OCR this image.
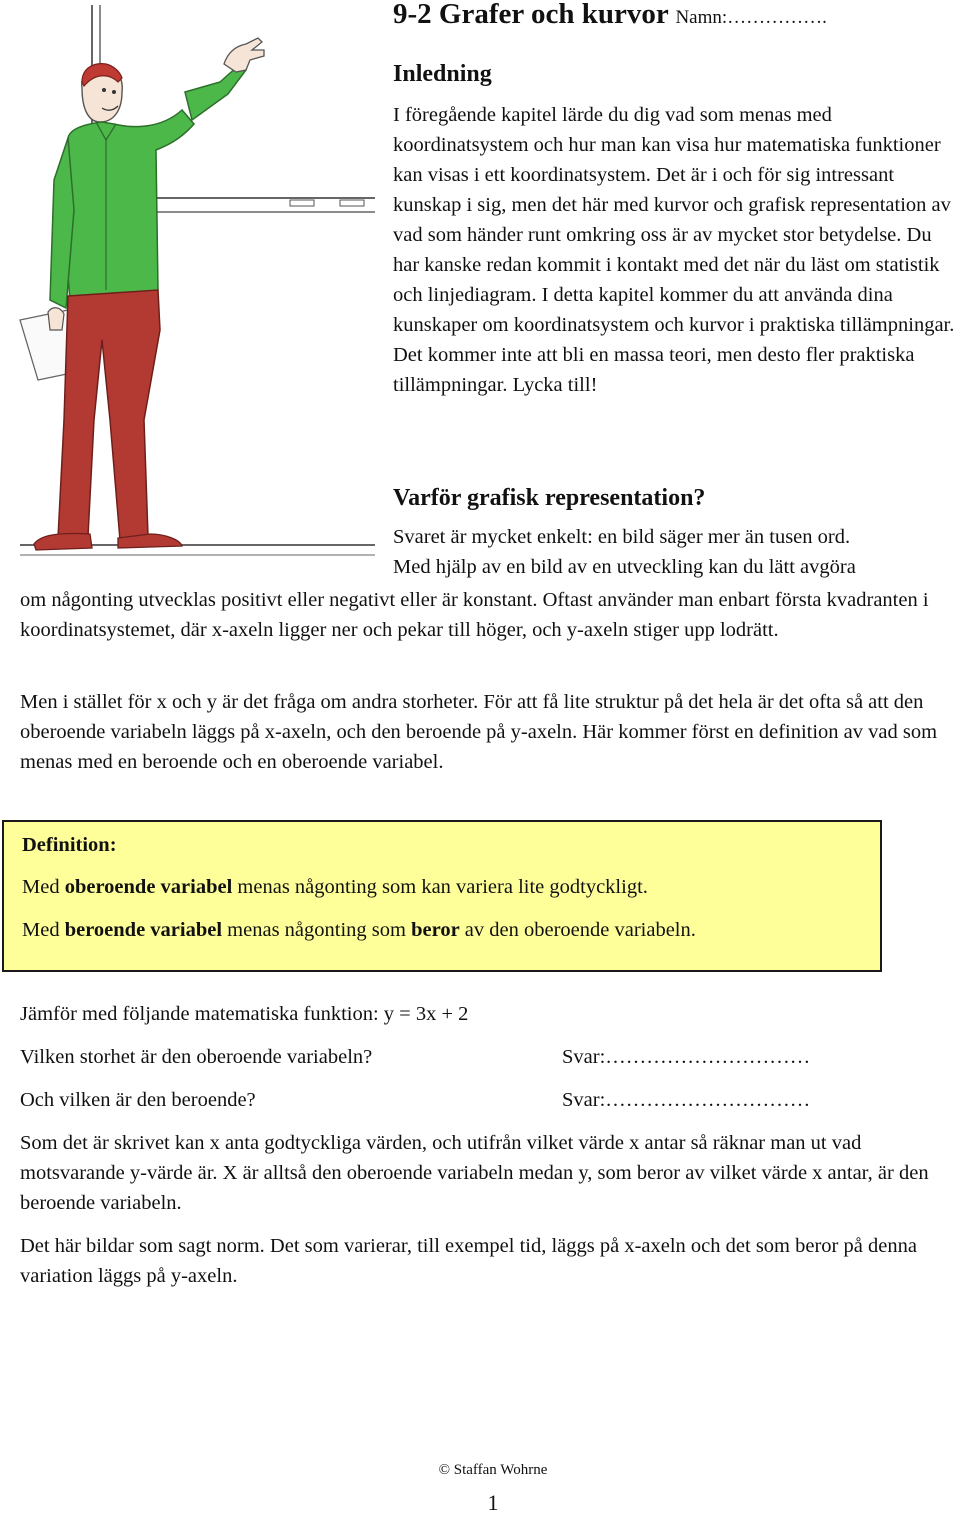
9-2 Grafer och kurvor Namn:…………….
Inledning

I föregående kapitel lärde du dig vad som menas med koordinatsystem och hur man kan visa hur matematiska funktioner kan visas i ett koordinatsystem. Det är i och för sig intressant kunskap i sig, men det här med kurvor och grafisk representation av vad som händer runt omkring oss är av mycket stor betydelse. Du har kanske redan kommit i kontakt med det när du läst om statistik och linjediagram. I detta kapitel kommer du att använda dina kunskaper om koordinatsystem och kurvor i praktiska tillämpningar. Det kommer inte att bli en massa teori, men desto fler praktiska tillämpningar. Lycka till!

Varför grafisk representation?

Svaret är mycket enkelt: en bild säger mer än tusen ord.

Med hjälp av en bild av en utveckling kan du lätt avgöra

om någonting utvecklas positivt eller negativt eller är konstant. Oftast använder man enbart första kvadranten i koordinatsystemet, där x-axeln ligger ner och pekar till höger, och y-axeln stiger upp lodrätt.

Men i stället för x och y är det fråga om andra storheter. För att få lite struktur på det hela är det ofta så att den oberoende variabeln läggs på x-axeln, och den beroende på y-axeln. Här kommer först en definition av vad som menas med en beroende och en oberoende variabel.

Definition:
Med oberoende variabel menas någonting som kan variera lite godtyckligt.
Med beroende variabel menas någonting som beror av den oberoende variabeln.

Jämför med följande matematiska funktion: y = 3x + 2

Vilken storhet är den oberoende variabeln?	Svar:…………………………

Och vilken är den beroende?	Svar:…………………………

Som det är skrivet kan x anta godtyckliga värden, och utifrån vilket värde x antar så räknar man ut vad motsvarande y-värde är. X är alltså den oberoende variabeln medan y, som beror av vilket värde x antar, är den beroende variabeln.

Det här bildar som sagt norm. Det som varierar, till exempel tid, läggs på x-axeln och det som beror på denna variation läggs på y-axeln.

© Staffan Wohrne
1
